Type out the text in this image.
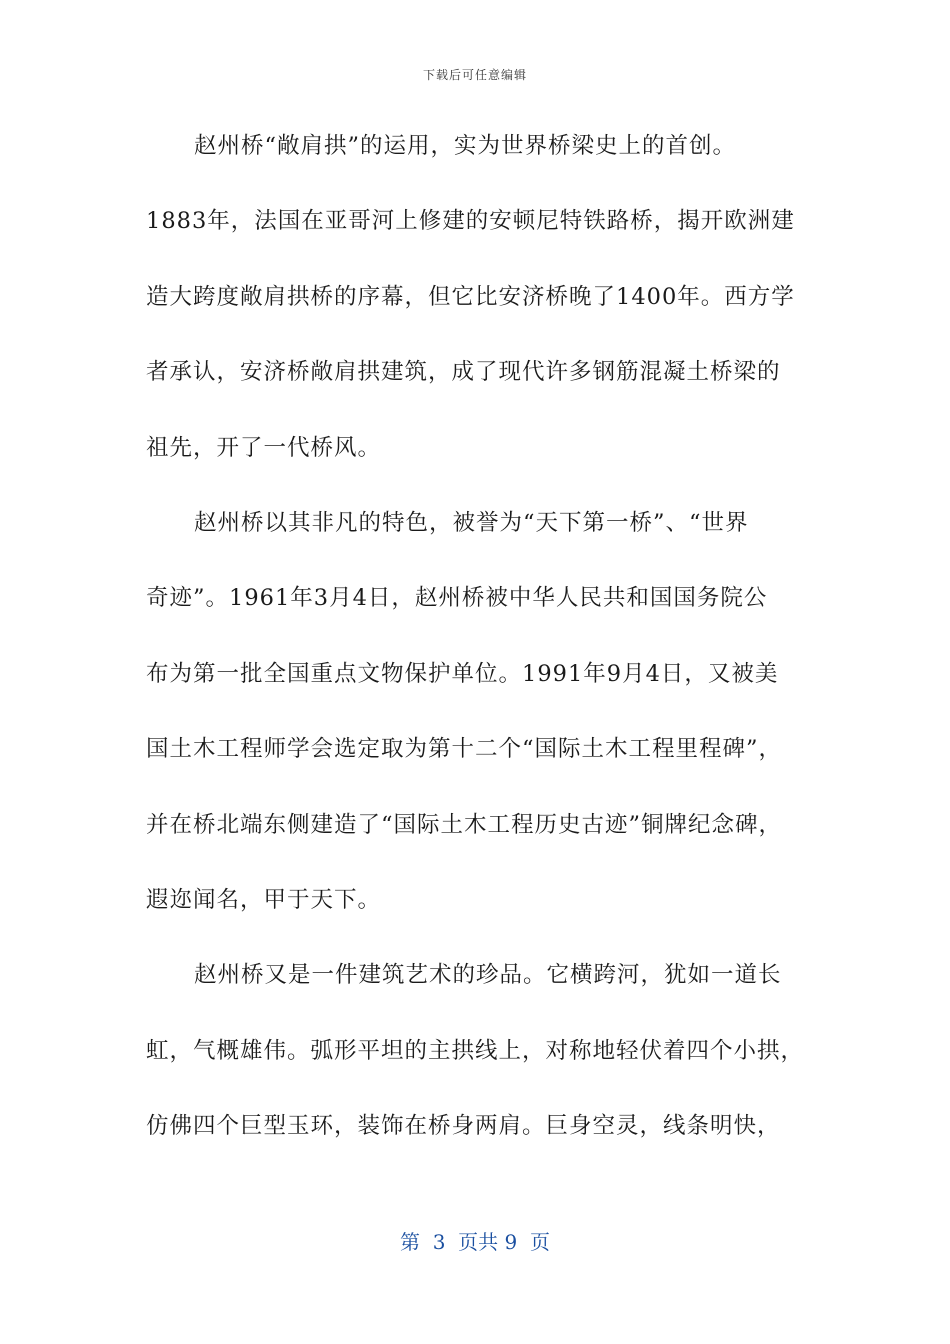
下载后可任意编辑
赵州桥“敞肩拱”的运用，实为世界桥梁史上的首创。
1883年，法国在亚哥河上修建的安顿尼特铁路桥，揭开欧洲建
造大跨度敞肩拱桥的序幕，但它比安济桥晚了1400年。西方学
者承认，安济桥敞肩拱建筑，成了现代许多钢筋混凝土桥梁的
祖先，开了一代桥风。
赵州桥以其非凡的特色，被誉为“天下第一桥”、“世界
奇迹”。1961年3月4日，赵州桥被中华人民共和国国务院公
布为第一批全国重点文物保护单位。1991年9月4日，又被美
国土木工程师学会选定取为第十二个“国际土木工程里程碑”，
并在桥北端东侧建造了“国际土木工程历史古迹”铜牌纪念碑，
遐迩闻名，甲于天下。
赵州桥又是一件建筑艺术的珍品。它横跨河，犹如一道长
虹，气概雄伟。弧形平坦的主拱线上，对称地轻伏着四个小拱，
仿佛四个巨型玉环，装饰在桥身两肩。巨身空灵，线条明快，
第  3  页共 9  页
